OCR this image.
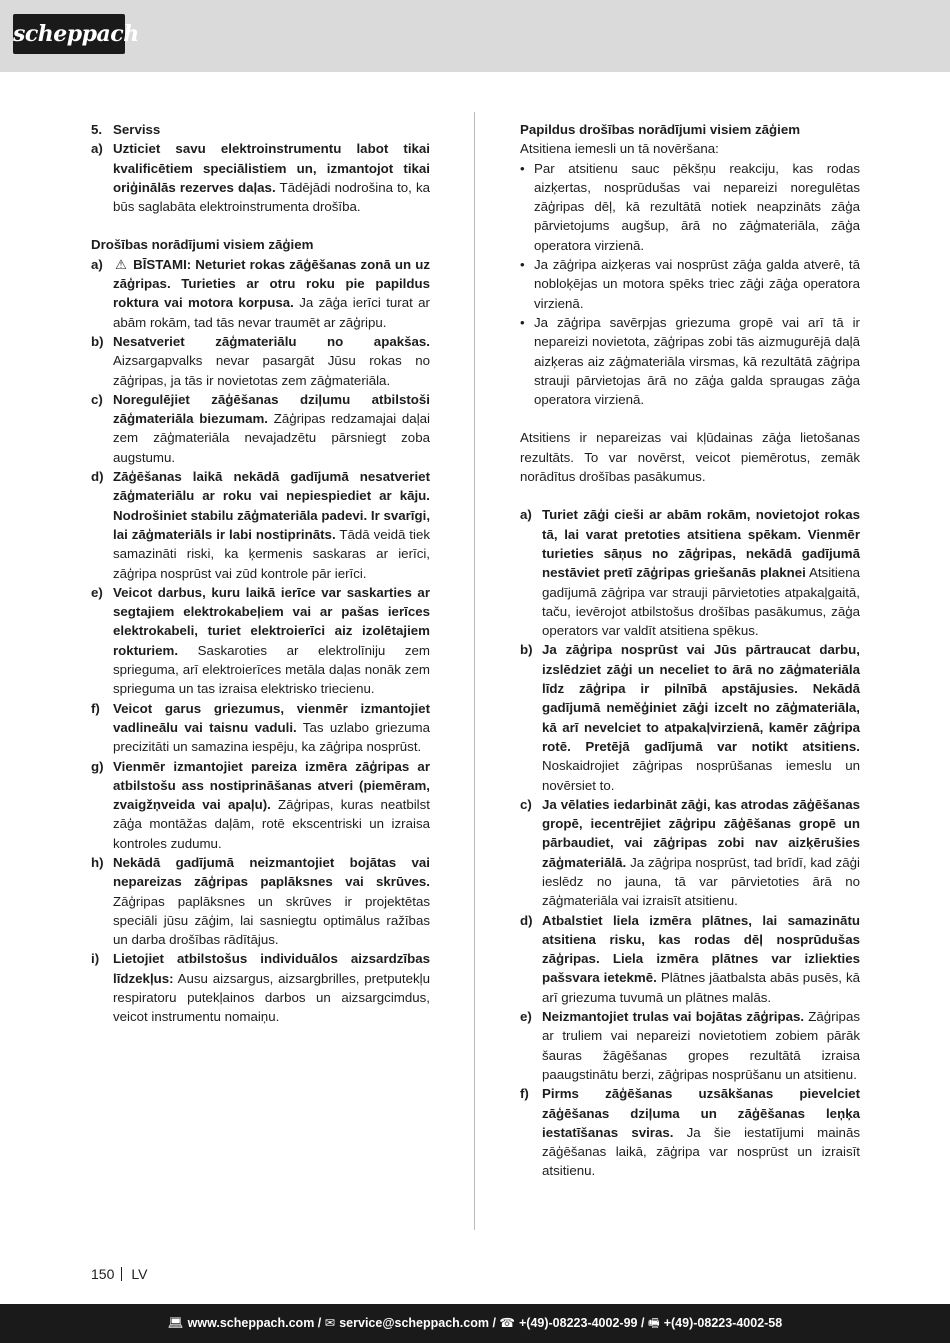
scheppach
5. Serviss
a) Uzticiet savu elektroinstrumentu labot tikai kvalificētiem speciālistiem un, izmantojot tikai oriģinālās rezerves daļas. Tādējādi nodrošina to, ka būs saglabāta elektroinstrumenta drošība.

Drošības norādījumi visiem zāģiem

a) ⚠ BĪSTAMI: Neturiet rokas zāģēšanas zonā un uz zāģripas. Turieties ar otru roku pie papildus roktura vai motora korpusa. Ja zāģa ierīci turat ar abām rokām, tad tās nevar traumēt ar zāģripu.
b) Nesatveriet zāģmateriālu no apakšas. Aizsargapvalks nevar pasargāt Jūsu rokas no zāģripas, ja tās ir novietotas zem zāģmateriāla.
c) Noregulējiet zāģēšanas dziļumu atbilstoši zāģmateriāla biezumam. Zāģripas redzamajai daļai zem zāģmateriāla nevajadzētu pārsniegt zoba augstumu.
d) Zāģēšanas laikā nekādā gadījumā nesatveriet zāģmateriālu ar roku vai nepiespiediet ar kāju. Nodrošiniet stabilu zāģmateriāla padevi. Ir svarīgi, lai zāģmateriāls ir labi nostiprināts. Tādā veidā tiek samazināti riski, ka ķermenis saskaras ar ierīci, zāģripa nosprūst vai zūd kontrole pār ierīci.
e) Veicot darbus, kuru laikā ierīce var saskarties ar segtajiem elektrokabeļiem vai ar pašas ierīces elektrokabeli, turiet elektroierīci aiz izolētajiem rokturiem. Saskaroties ar elektrolīniju zem sprieguma, arī elektroierīces metāla daļas nonāk zem sprieguma un tas izraisa elektrisko triecienu.
f) Veicot garus griezumus, vienmēr izmantojiet vadlineālu vai taisnu vaduli. Tas uzlabo griezuma precizitāti un samazina iespēju, ka zāģripa nosprūst.
g) Vienmēr izmantojiet pareiza izmēra zāģripas ar atbilstošu ass nostiprināšanas atveri (piemēram, zvaigžņveida vai apaļu). Zāģripas, kuras neatbilst zāģa montāžas daļām, rotē ekscentriski un izraisa kontroles zudumu.
h) Nekādā gadījumā neizmantojiet bojātas vai nepareizas zāģripas paplāksnes vai skrūves. Zāģripas paplāksnes un skrūves ir projektētas speciāli jūsu zāģim, lai sasniegtu optimālus ražības un darba drošības rādītājus.
i)	Lietojiet atbilstošus individuālos aizsardzības līdzekļus: Ausu aizsargus, aizsargbrilles, pretputekļu respiratoru putekļainos darbos un aizsargcimdus, veicot instrumentu nomaiņu.

Papildus drošības norādījumi visiem zāģiem

Atsitiena iemesli un tā novēršana:

• Par atsitienu sauc pēkšņu reakciju, kas rodas aizķertas, nosprūdušas vai nepareizi noregulētas zāģripas dēļ, kā rezultātā notiek neapzināts zāģa pārvietojums augšup, ārā no zāģmateriāla, zāģa operatora virzienā.
• Ja zāģripa aizķeras vai nosprūst zāģa galda atverē, tā nobloķējas un motora spēks triec zāģi zāģa operatora virzienā.
• Ja zāģripa savērpjas griezuma gropē vai arī tā ir nepareizi novietota, zāģripas zobi tās aizmugurējā daļā aizķeras aiz zāģmateriāla virsmas, kā rezultātā zāģripa strauji pārvietojas ārā no zāģa galda spraugas zāģa operatora virzienā.

Atsitiens ir nepareizas vai kļūdainas zāģa lietošanas rezultāts. To var novērst, veicot piemērotus, zemāk norādītus drošības pasākumus.

a) Turiet zāģi cieši ar abām rokām, novietojot rokas tā, lai varat pretoties atsitiena spēkam. Vienmēr turieties sāņus no zāģripas, nekādā gadījumā nestāviet pretī zāģripas griešanās plaknei Atsitiena gadījumā zāģripa var strauji pārvietoties atpakaļgaitā, taču, ievērojot atbilstošus drošības pasākumus, zāģa operators var valdīt atsitiena spēkus.
b) Ja zāģripa nosprūst vai Jūs pārtraucat darbu, izslēdziet zāģi un neceliet to ārā no zāģmateriāla līdz zāģripa ir pilnībā apstājusies. Nekādā gadījumā neměģiniet zāģi izcelt no zāģmateriāla, kā arī nevelciet to atpakaļvirzienā, kamēr zāģripa rotē. Pretējā gadījumā var notikt atsitiens. Noskaidrojiet zāģripas nosprūšanas iemeslu un novērsiet to.
c) Ja vēlaties iedarbināt zāģi, kas atrodas zāģēšanas gropē, iecentrējiet zāģripu zāģēšanas gropē un pārbaudiet, vai zāģripas zobi nav aizķērušies zāģmateriālā. Ja zāģripa nosprūst, tad brīdī, kad zāģi ieslēdz no jauna, tā var pārvietoties ārā no zāģmateriāla vai izraisīt atsitienu.
d) Atbalstiet liela izmēra plātnes, lai samazinātu atsitiena risku, kas rodas dēļ nosprūdušas zāģripas. Liela izmēra plātnes var izliekties pašsvara ietekmē. Plātnes jāatbalsta abās pusēs, kā arī griezuma tuvumā un plātnes malās.
e) Neizmantojiet trulas vai bojātas zāģripas. Zāģripas ar truliem vai nepareizi novietotiem zobiem pārāk šauras žāgēšanas gropes rezultātā izraisa paaugstinātu berzi, zāģripas nosprūšanu un atsitienu.
f) Pirms zāģēšanas uzsākšanas pievelciet zāģēšanas dziļuma un zāģēšanas leņķa iestatīšanas sviras. Ja šie iestatījumi mainās zāģēšanas laikā, zāģripa var nosprūst un izraisīt atsitienu.
150 LV
💻︎ www.scheppach.com / ✉︎ service@scheppach.com / ☎︎ +(49)-08223-4002-99 / 🖷︎ +(49)-08223-4002-58
